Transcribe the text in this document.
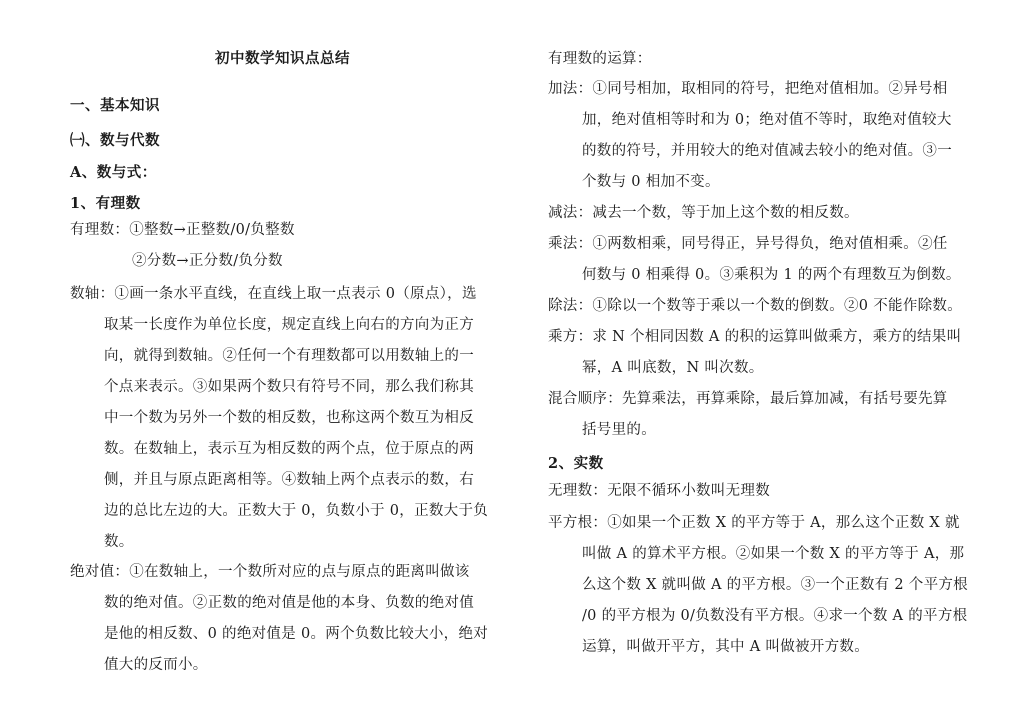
初中数学知识点总结
一、基本知识
㈠、数与代数
A、数与式：
1、有理数
有理数：①整数→正整数/0/负整数
②分数→正分数/负分数
数轴：①画一条水平直线，在直线上取一点表示 0（原点），选
取某一长度作为单位长度，规定直线上向右的方向为正方
向，就得到数轴。②任何一个有理数都可以用数轴上的一
个点来表示。③如果两个数只有符号不同，那么我们称其
中一个数为另外一个数的相反数，也称这两个数互为相反
数。在数轴上，表示互为相反数的两个点，位于原点的两
侧，并且与原点距离相等。④数轴上两个点表示的数，右
边的总比左边的大。正数大于 0，负数小于 0，正数大于负
数。
绝对值：①在数轴上，一个数所对应的点与原点的距离叫做该
数的绝对值。②正数的绝对值是他的本身、负数的绝对值
是他的相反数、0 的绝对值是 0。两个负数比较大小，绝对
值大的反而小。
有理数的运算：
加法：①同号相加，取相同的符号，把绝对值相加。②异号相
加，绝对值相等时和为 0；绝对值不等时，取绝对值较大
的数的符号，并用较大的绝对值减去较小的绝对值。③一
个数与 0 相加不变。
减法：减去一个数，等于加上这个数的相反数。
乘法：①两数相乘，同号得正，异号得负，绝对值相乘。②任
何数与 0 相乘得 0。③乘积为 1 的两个有理数互为倒数。
除法：①除以一个数等于乘以一个数的倒数。②0 不能作除数。
乘方：求 N 个相同因数 A 的积的运算叫做乘方，乘方的结果叫
幂，A 叫底数，N 叫次数。
混合顺序：先算乘法，再算乘除，最后算加减，有括号要先算
括号里的。
2、实数
无理数：无限不循环小数叫无理数
平方根：①如果一个正数 X 的平方等于 A，那么这个正数 X 就
叫做 A 的算术平方根。②如果一个数 X 的平方等于 A，那
么这个数 X 就叫做 A 的平方根。③一个正数有 2 个平方根
/0 的平方根为 0/负数没有平方根。④求一个数 A 的平方根
运算，叫做开平方，其中 A 叫做被开方数。
